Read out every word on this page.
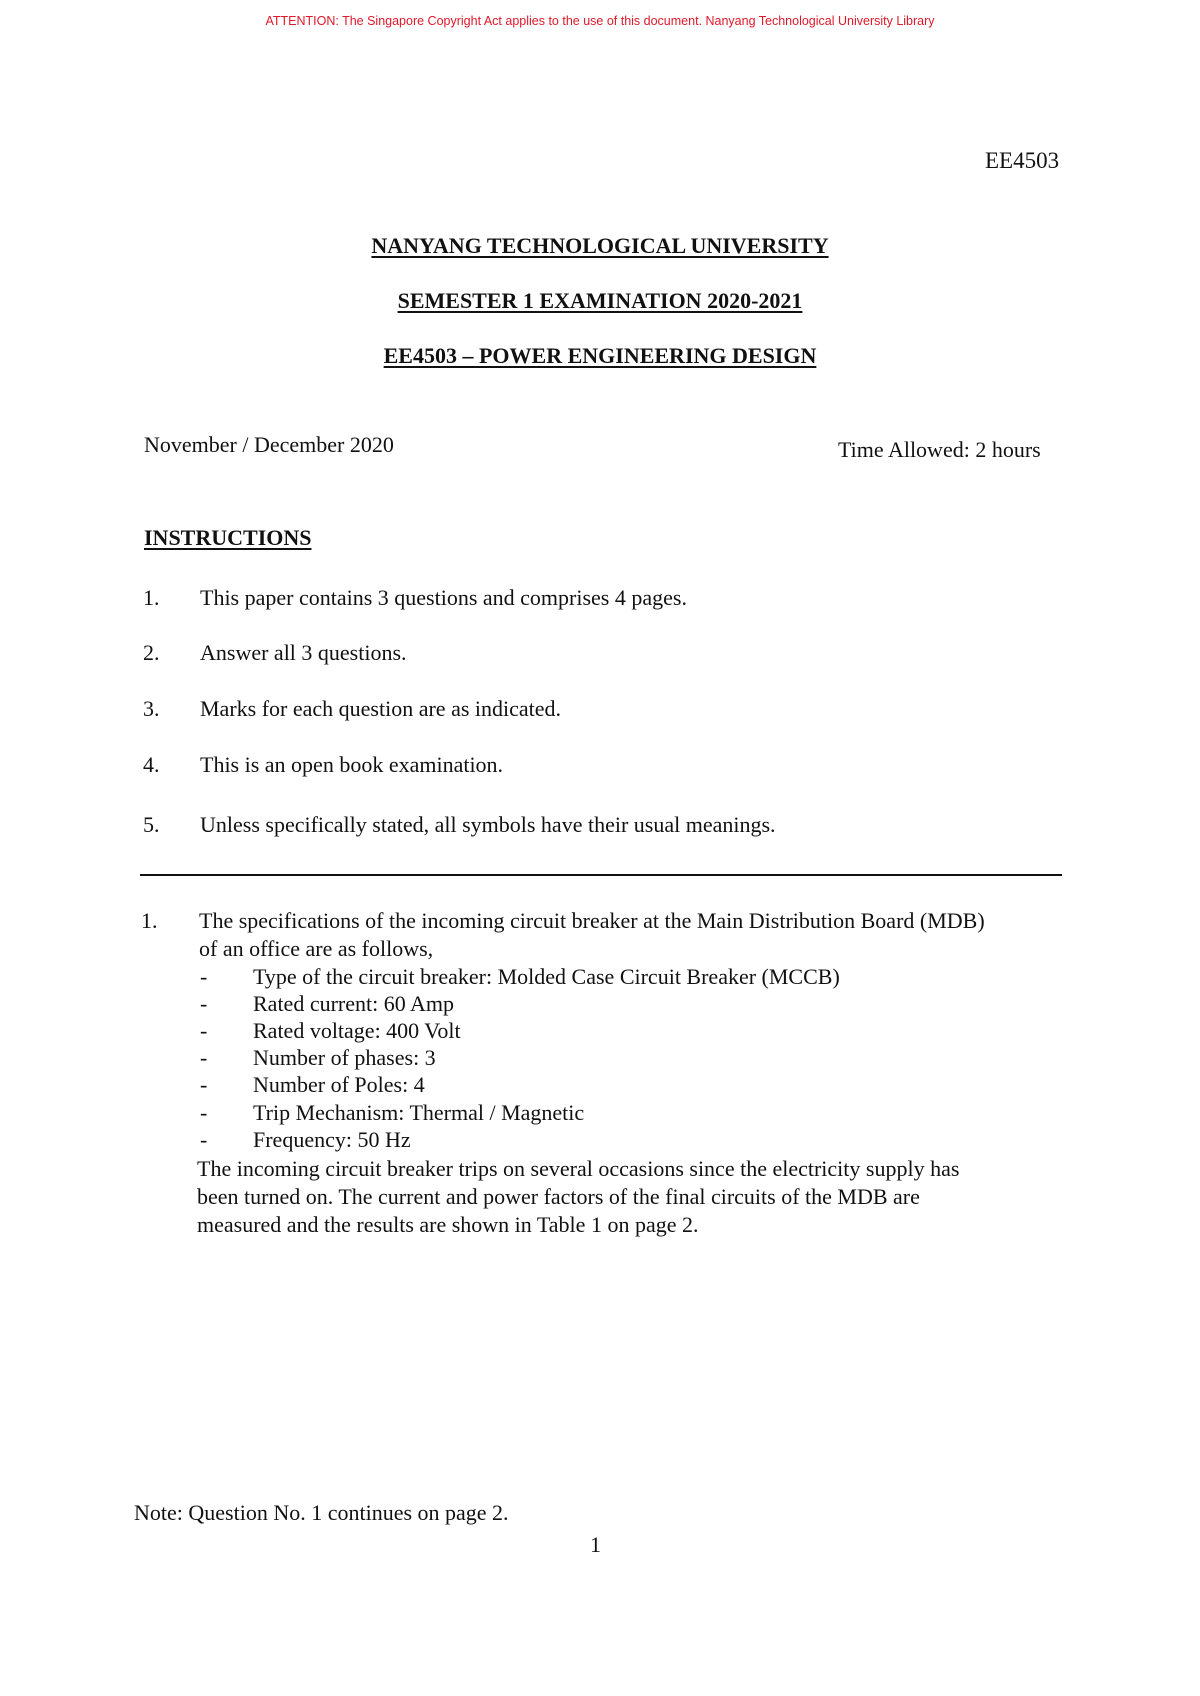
ATTENTION: The Singapore Copyright Act applies to the use of this document. Nanyang Technological University Library
EE4503
NANYANG TECHNOLOGICAL UNIVERSITY
SEMESTER 1 EXAMINATION 2020-2021
EE4503 – POWER ENGINEERING DESIGN
November / December 2020	Time Allowed: 2 hours
INSTRUCTIONS
1. This paper contains 3 questions and comprises 4 pages.
2. Answer all 3 questions.
3. Marks for each question are as indicated.
4. This is an open book examination.
5. Unless specifically stated, all symbols have their usual meanings.
1. The specifications of the incoming circuit breaker at the Main Distribution Board (MDB)
of an office are as follows,
- Type of the circuit breaker: Molded Case Circuit Breaker (MCCB)
- Rated current: 60 Amp
- Rated voltage: 400 Volt
- Number of phases: 3
- Number of Poles: 4
- Trip Mechanism: Thermal / Magnetic
- Frequency: 50 Hz
The incoming circuit breaker trips on several occasions since the electricity supply has
been turned on. The current and power factors of the final circuits of the MDB are
measured and the results are shown in Table 1 on page 2.
Note: Question No. 1 continues on page 2.
1
